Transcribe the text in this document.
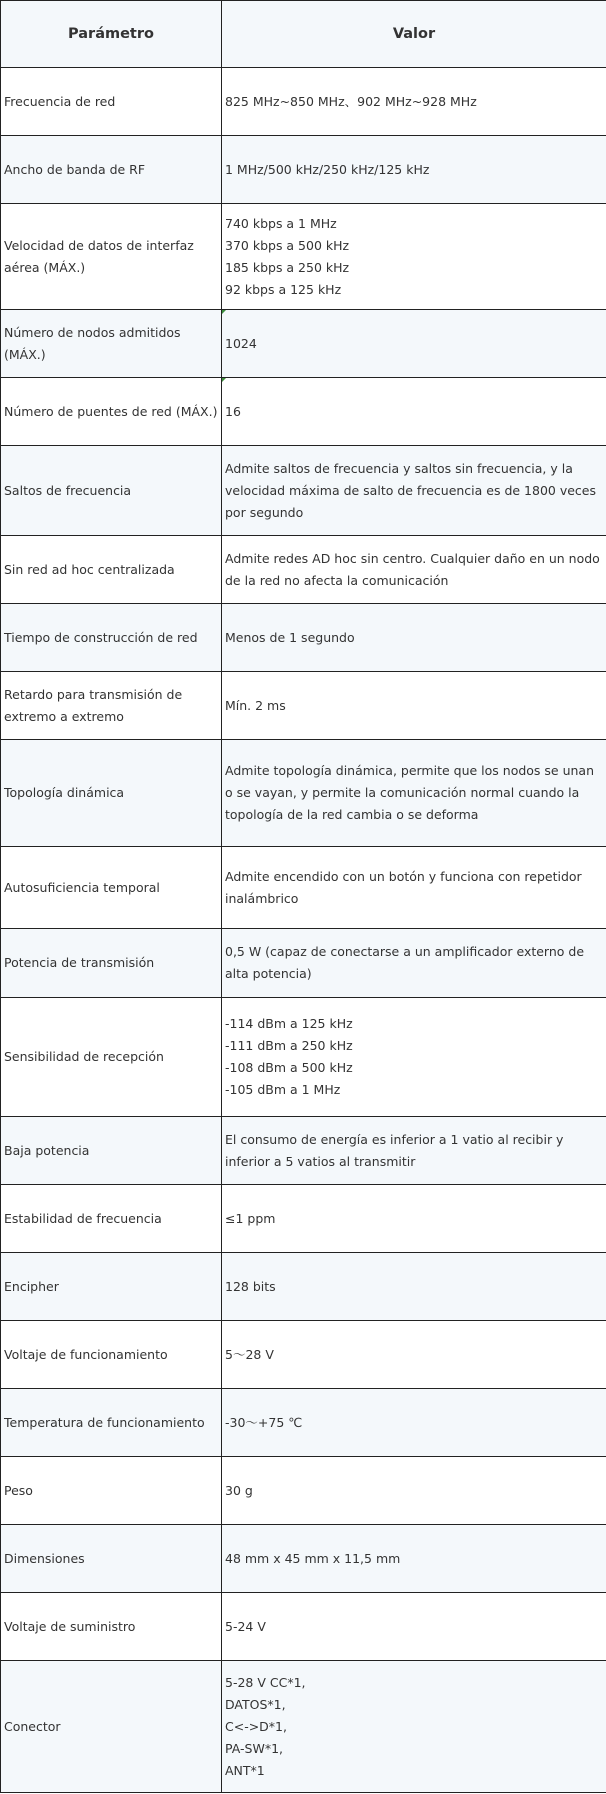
Parámetro	Valor
Frecuencia de red	825 MHz~850 MHz、902 MHz~928 MHz
Ancho de banda de RF	1 MHz/500 kHz/250 kHz/125 kHz
Velocidad de datos de interfaz aérea (MÁX.)	740 kbps a 1 MHz
370 kbps a 500 kHz
185 kbps a 250 kHz
92 kbps a 125 kHz

Número de nodos admitidos (MÁX.)	1024
Número de puentes de red (MÁX.)	16
Saltos de frecuencia	Admite saltos de frecuencia y saltos sin frecuencia, y la velocidad máxima de salto de frecuencia es de 1800 veces por segundo
Sin red ad hoc centralizada	Admite redes AD hoc sin centro. Cualquier daño en un nodo de la red no afecta la comunicación
Tiempo de construcción de red	Menos de 1 segundo
Retardo para transmisión de extremo a extremo	Mín. 2 ms
Topología dinámica	Admite topología dinámica, permite que los nodos se unan o se vayan, y permite la comunicación normal cuando la topología de la red cambia o se deforma
Autosuficiencia temporal	Admite encendido con un botón y funciona con repetidor inalámbrico
Potencia de transmisión	0,5 W (capaz de conectarse a un amplificador externo de alta potencia)
Sensibilidad de recepción	-114 dBm a 125 kHz
-111 dBm a 250 kHz
-108 dBm a 500 kHz
-105 dBm a 1 MHz

Baja potencia	El consumo de energía es inferior a 1 vatio al recibir y inferior a 5 vatios al transmitir
Estabilidad de frecuencia	≤1 ppm
Encipher	128 bits
Voltaje de funcionamiento	5～28 V
Temperatura de funcionamiento	-30～+75 ℃
Peso	30 g
Dimensiones	48 mm x 45 mm x 11,5 mm
Voltaje de suministro	5-24 V
Conector	5-28 V CC*1,
DATOS*1,
C<->D*1,
PA-SW*1,
ANT*1
